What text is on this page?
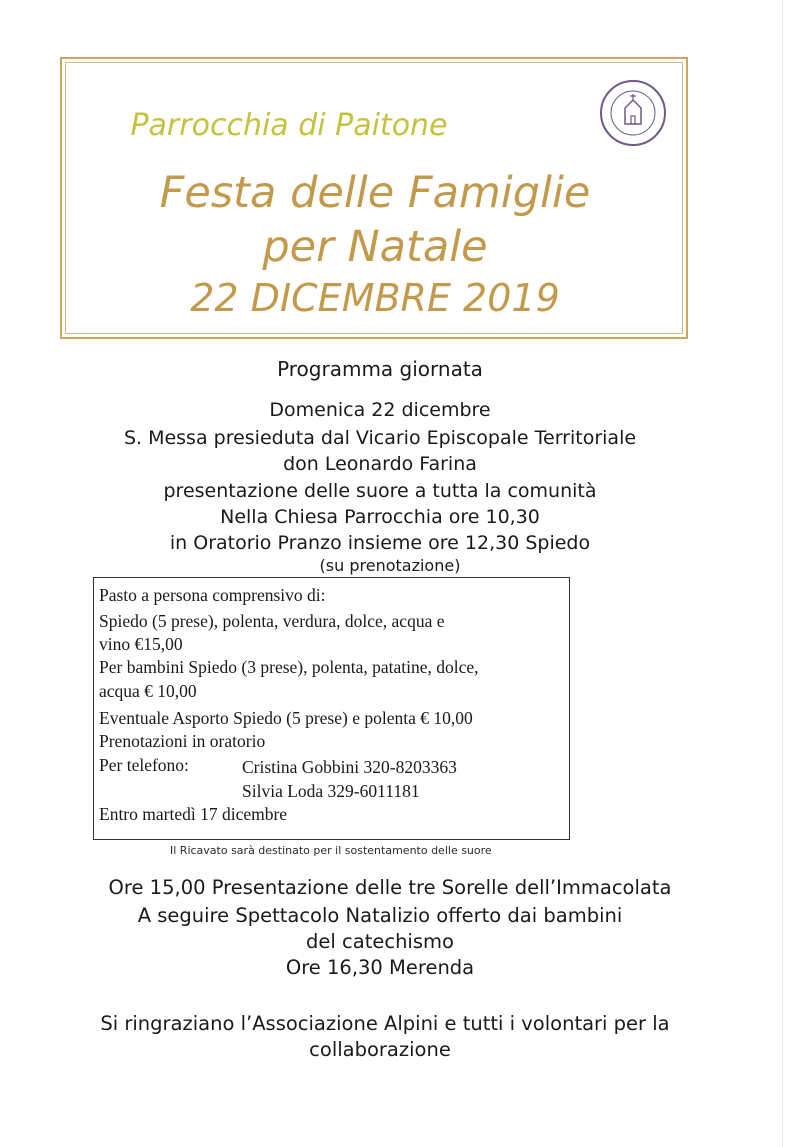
Parrocchia di Paitone
Festa delle Famiglie
per Natale
22 DICEMBRE 2019
Programma giornata
Domenica 22 dicembre
S. Messa presieduta dal Vicario Episcopale Territoriale
don Leonardo Farina
presentazione delle suore a tutta la comunità
Nella Chiesa Parrocchia ore 10,30
in Oratorio Pranzo insieme ore 12,30 Spiedo
(su prenotazione)
Pasto a persona comprensivo di:
Spiedo (5 prese), polenta, verdura, dolce, acqua e
vino €15,00
Per bambini Spiedo (3 prese), polenta, patatine, dolce,
acqua € 10,00
Eventuale Asporto Spiedo (5 prese) e polenta € 10,00
Prenotazioni in oratorio
Per telefono:	Cristina Gobbini 320-8203363
Silvia Loda 329-6011181
Entro martedì 17 dicembre
Il Ricavato sarà destinato per il sostentamento delle suore
Ore 15,00 Presentazione delle tre Sorelle dell’Immacolata
A seguire Spettacolo Natalizio offerto dai bambini
del catechismo
Ore 16,30 Merenda
Si ringraziano l’Associazione Alpini e tutti i volontari per la
collaborazione
